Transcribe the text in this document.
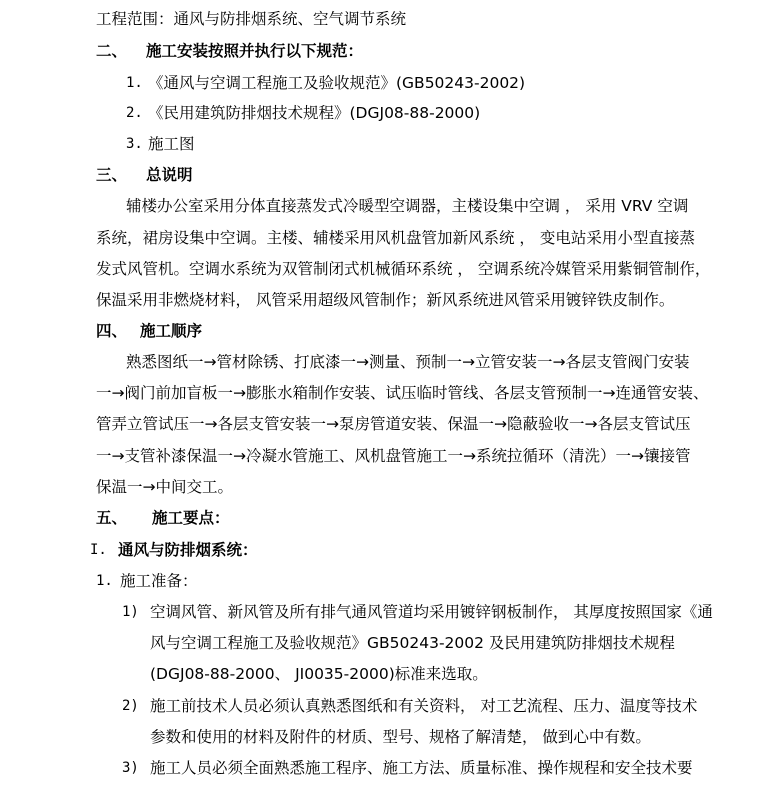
工程范围：通风与防排烟系统、空气调节系统
二、 施工安装按照并执行以下规范：
1. 《通风与空调工程施工及验收规范》(GB50243-2002)
2. 《民用建筑防排烟技术规程》(DGJ08-88-2000)
3. 施工图
三、 总说明
辅楼办公室采用分体直接蒸发式冷暖型空调器，主楼设集中空调 ， 采用 VRV 空调
系统，裙房设集中空调。主楼、辅楼采用风机盘管加新风系统 ， 变电站采用小型直接蒸
发式风管机。空调水系统为双管制闭式机械循环系统 ， 空调系统冷媒管采用紫铜管制作，
保温采用非燃烧材料， 风管采用超级风管制作；新风系统进风管采用镀锌铁皮制作。
四、 施工顺序
熟悉图纸一→管材除锈、打底漆一→测量、预制一→立管安装一→各层支管阀门安装
一→阀门前加盲板一→膨胀水箱制作安装、试压临时管线、各层支管预制一→连通管安装、
管弄立管试压一→各层支管安装一→泵房管道安装、保温一→隐蔽验收一→各层支管试压
一→支管补漆保温一→冷凝水管施工、风机盘管施工一→系统拉循环（清洗）一→镶接管
保温一→中间交工。
五、 施工要点：
I. 通风与防排烟系统：
1. 施工准备：
1) 空调风管、新风管及所有排气通风管道均采用镀锌钢板制作， 其厚度按照国家《通
风与空调工程施工及验收规范》GB50243-2002 及民用建筑防排烟技术规程
(DGJ08-88-2000、 JI0035-2000)标准来选取。
2) 施工前技术人员必须认真熟悉图纸和有关资料， 对工艺流程、压力、温度等技术
参数和使用的材料及附件的材质、型号、规格了解清楚， 做到心中有数。
3) 施工人员必须全面熟悉施工程序、施工方法、质量标准、操作规程和安全技术要
